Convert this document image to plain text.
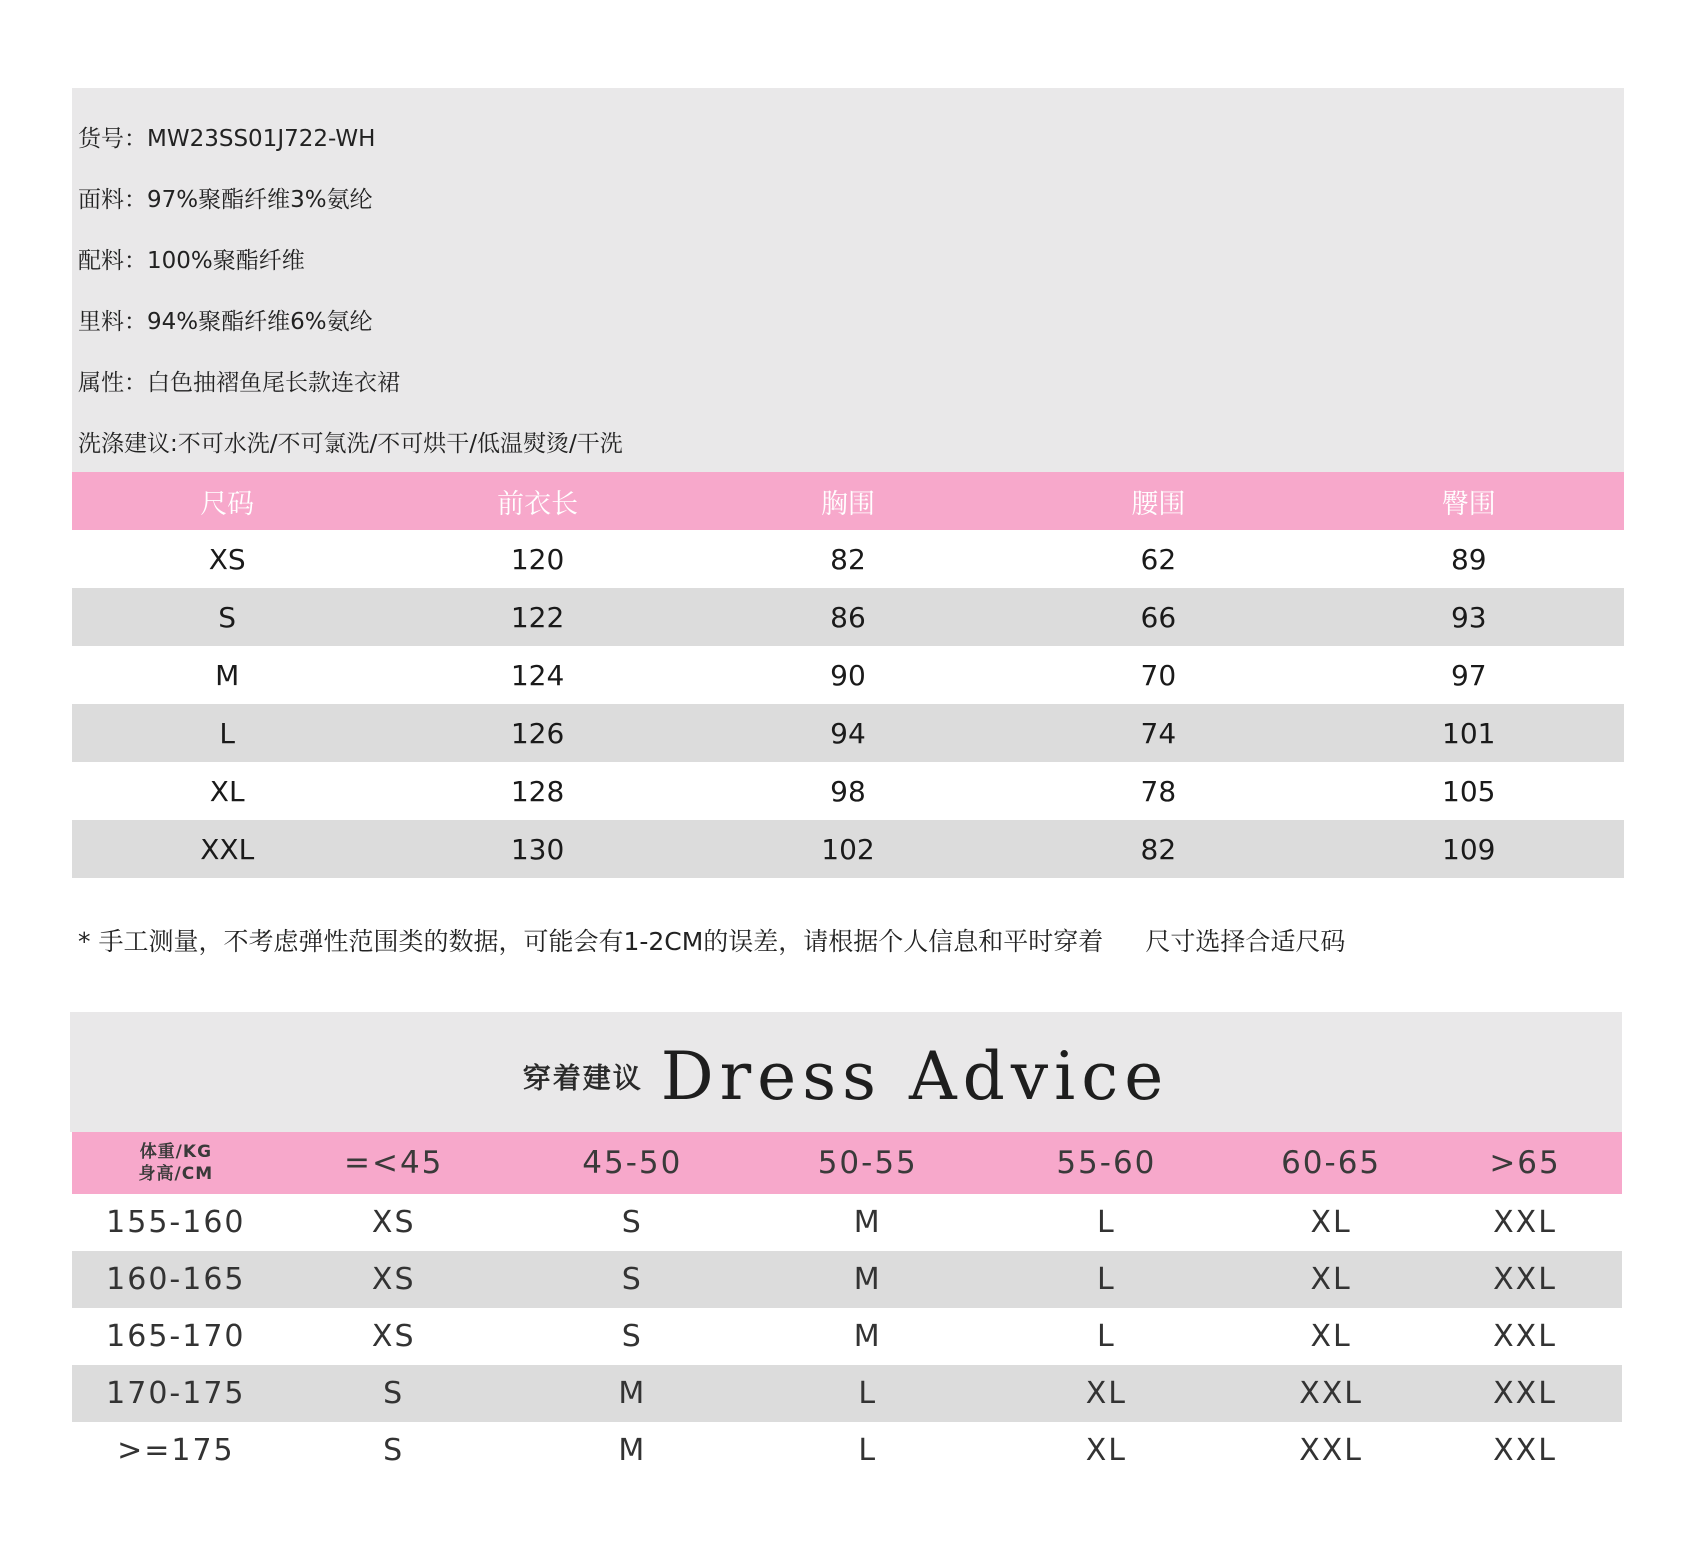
货号：MW23SS01J722-WH
面料：97%聚酯纤维3%氨纶
配料：100%聚酯纤维
里料：94%聚酯纤维6%氨纶
属性：白色抽褶鱼尾长款连衣裙
洗涤建议:不可水洗/不可氯洗/不可烘干/低温熨烫/干洗
尺码	前衣长	胸围	腰围	臀围
XS	120	82	62	89
S	122	86	66	93
M	124	90	70	97
L	126	94	74	101
XL	128	98	78	105
XXL	130	102	82	109
* 手工测量，不考虑弹性范围类的数据，可能会有1-2CM的误差，请根据个人信息和平时穿着 尺寸选择合适尺码
穿着建议 Dress Advice
体重/KG
身高/CM	=<45	45-50	50-55	55-60	60-65	>65
155-160	XS	S	M	L	XL	XXL
160-165	XS	S	M	L	XL	XXL
165-170	XS	S	M	L	XL	XXL
170-175	S	M	L	XL	XXL	XXL
>=175	S	M	L	XL	XXL	XXL
